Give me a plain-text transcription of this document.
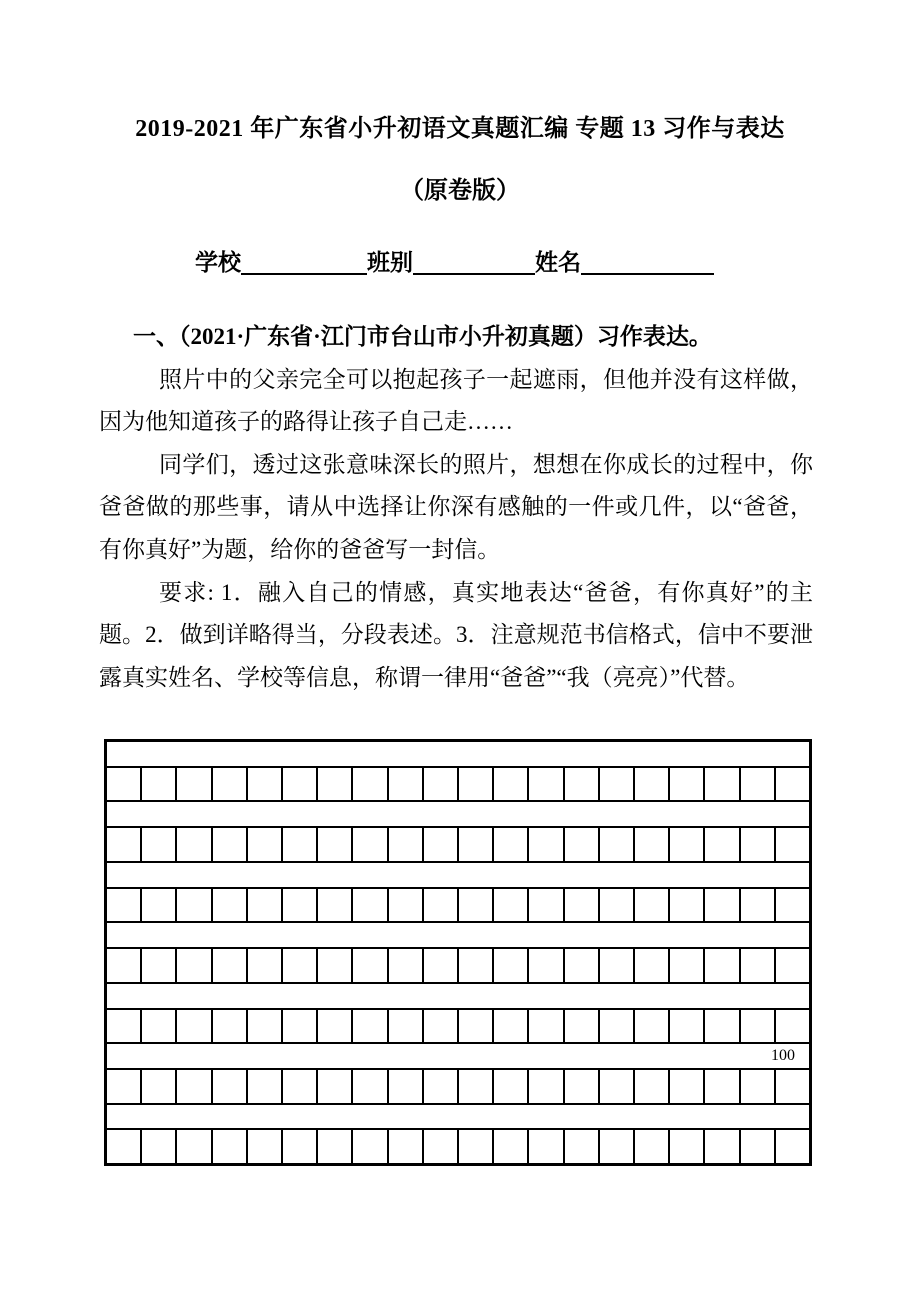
2019-2021 年广东省小升初语文真题汇编 专题 13 习作与表达
（原卷版）
学校	班别	姓名

一、（2021·广东省·江门市台山市小升初真题）习作表达。

照片中的父亲完全可以抱起孩子一起遮雨，但他并没有这样做，因为他知道孩子的路得让孩子自己走……

同学们，透过这张意味深长的照片，想想在你成长的过程中，你爸爸做的那些事，请从中选择让你深有感触的一件或几件，以“爸爸，有你真好”为题，给你的爸爸写一封信。

要求: 1．融入自己的情感，真实地表达“爸爸，有你真好”的主题。2．做到详略得当，分段表述。3．注意规范书信格式，信中不要泄露真实姓名、学校等信息，称谓一律用“爸爸”“我（亮亮）”代替。

100
